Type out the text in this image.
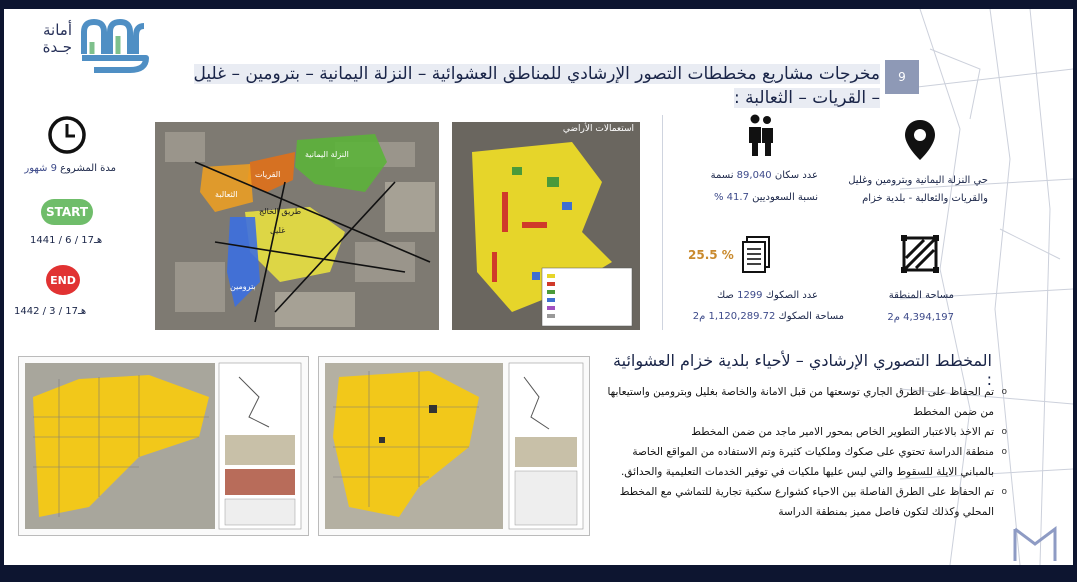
أمانة
جـدة
9
مخرجات مشاريع مخططات التصور الإرشادي للمناطق العشوائية – النزلة اليمانية – بترومين – غليل – القريات – الثعالبة :
مدة المشروع 9 شهور
START
1441 / 6 / 17هـ
END
1442 / 3 / 17هـ
النزلة اليمانية
طريق الخالج
غليل
بترومين
القريات
الثعالبة
استعمالات الأراضي
حي النزلة اليمانية وبترومين وغليل
والقريات والثعالبة - بلدية خزام
عدد سكان 89,040 نسمة
نسبة السعوديين 41.7 %
25.5 %
عدد الصكوك 1299 صك
مساحة الصكوك 1,120,289.72 م2
مساحة المنطقة
4,394,197 م2
المخطط التصوري الإرشادي – لأحياء بلدية خزام العشوائية :
o تم الحفاظ على الطرق الجاري توسعتها من قبل الامانة والخاصة بغليل وبترومين واستيعابها من ضمن المخطط
o تم الاخذ بالاعتبار التطوير الخاص بمحور الامير ماجد من ضمن المخطط
o منطقة الدراسة تحتوي على صكوك وملكيات كثيرة وتم الاستفاده من المواقع الخاصة بالمباني الايلة للسقوط والتي ليس عليها ملكيات في توفير الخدمات التعليمية والحدائق.
o تم الحفاظ على الطرق الفاصلة بين الاحياء كشوارع سكنية تجارية للتماشي مع المخطط المحلي وكذلك لتكون فاصل مميز بمنطقة الدراسة
